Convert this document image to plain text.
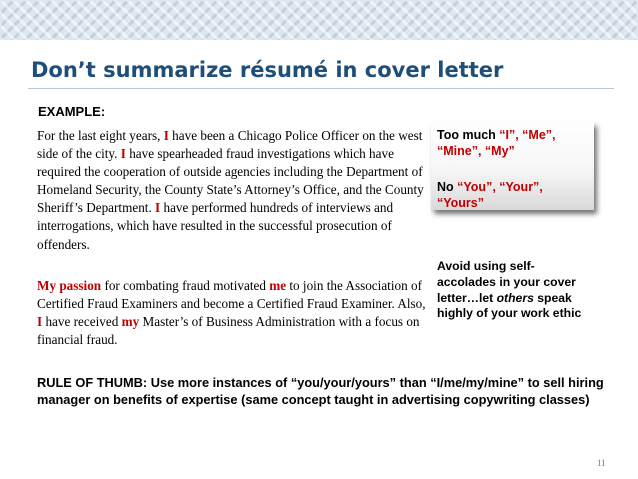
Don’t summarize résumé in cover letter
EXAMPLE:

For the last eight years, I have been a Chicago Police Officer on the west side of the city. I have spearheaded fraud investigations which have required the cooperation of outside agencies including the Department of Homeland Security, the County State’s Attorney’s Office, and the County Sheriff’s Department. I have performed hundreds of interviews and interrogations, which have resulted in the successful prosecution of offenders.

My passion for combating fraud motivated me to join the Association of Certified Fraud Examiners and become a Certified Fraud Examiner. Also, I have received my Master’s of Business Administration with a focus on financial fraud.

Too much “I”, “Me”, “Mine”, “My”
No “You”, “Your”, “Yours”
Avoid using self-accolades in your cover letter…let others speak highly of your work ethic
RULE OF THUMB: Use more instances of “you/your/yours” than “I/me/my/mine” to sell hiring manager on benefits of expertise (same concept taught in advertising copywriting classes)
11
